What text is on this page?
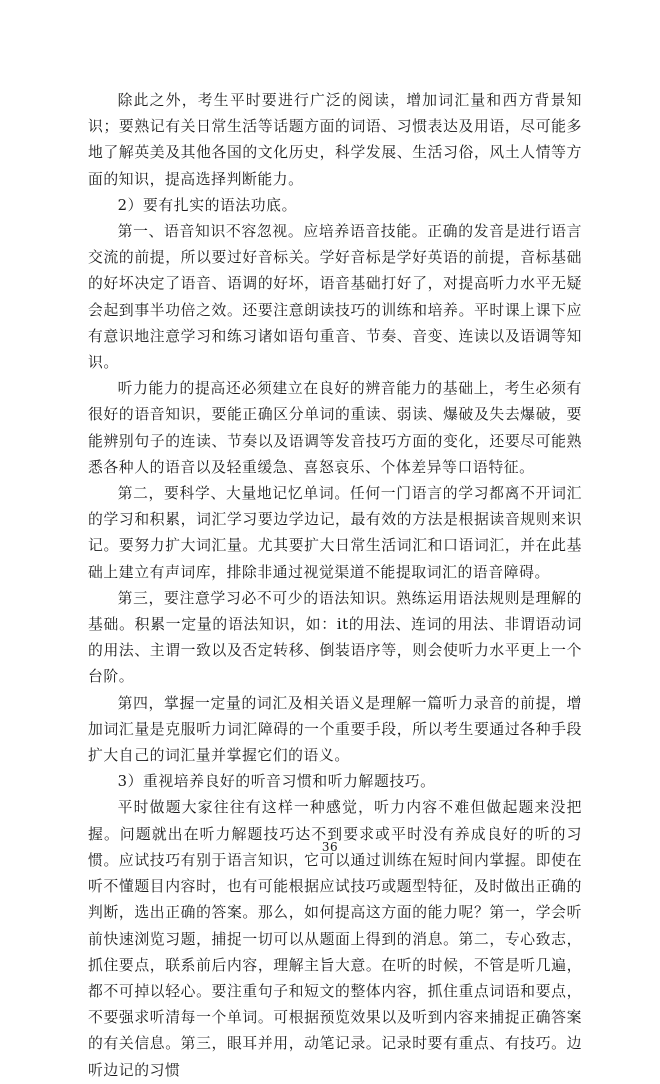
除此之外，考生平时要进行广泛的阅读，增加词汇量和西方背景知识；要熟记有关日常生活等话题方面的词语、习惯表达及用语，尽可能多地了解英美及其他各国的文化历史，科学发展、生活习俗，风土人情等方面的知识，提高选择判断能力。

2）要有扎实的语法功底。

第一、语音知识不容忽视。应培养语音技能。正确的发音是进行语言交流的前提，所以要过好音标关。学好音标是学好英语的前提，音标基础的好坏决定了语音、语调的好坏，语音基础打好了，对提高听力水平无疑会起到事半功倍之效。还要注意朗读技巧的训练和培养。平时课上课下应有意识地注意学习和练习诸如语句重音、节奏、音变、连读以及语调等知识。

听力能力的提高还必须建立在良好的辨音能力的基础上，考生必须有很好的语音知识，要能正确区分单词的重读、弱读、爆破及失去爆破，要能辨别句子的连读、节奏以及语调等发音技巧方面的变化，还要尽可能熟悉各种人的语音以及轻重缓急、喜怒哀乐、个体差异等口语特征。

第二，要科学、大量地记忆单词。任何一门语言的学习都离不开词汇的学习和积累，词汇学习要边学边记，最有效的方法是根据读音规则来识记。要努力扩大词汇量。尤其要扩大日常生活词汇和口语词汇，并在此基础上建立有声词库，排除非通过视觉渠道不能提取词汇的语音障碍。

第三，要注意学习必不可少的语法知识。熟练运用语法规则是理解的基础。积累一定量的语法知识，如：it的用法、连词的用法、非谓语动词的用法、主谓一致以及否定转移、倒装语序等，则会使听力水平更上一个台阶。

第四，掌握一定量的词汇及相关语义是理解一篇听力录音的前提，增加词汇量是克服听力词汇障碍的一个重要手段，所以考生要通过各种手段扩大自己的词汇量并掌握它们的语义。

3）重视培养良好的听音习惯和听力解题技巧。

平时做题大家往往有这样一种感觉，听力内容不难但做起题来没把握。问题就出在听力解题技巧达不到要求或平时没有养成良好的听的习惯。应试技巧有别于语言知识，它可以通过训练在短时间内掌握。即使在听不懂题目内容时，也有可能根据应试技巧或题型特征，及时做出正确的判断，选出正确的答案。那么，如何提高这方面的能力呢？第一，学会听前快速浏览习题，捕捉一切可以从题面上得到的消息。第二，专心致志，抓住要点，联系前后内容，理解主旨大意。在听的时候，不管是听几遍，都不可掉以轻心。要注重句子和短文的整体内容，抓住重点词语和要点，不要强求听清每一个单词。可根据预览效果以及听到内容来捕捉正确答案的有关信息。第三，眼耳并用，动笔记录。记录时要有重点、有技巧。边听边记的习惯

36
